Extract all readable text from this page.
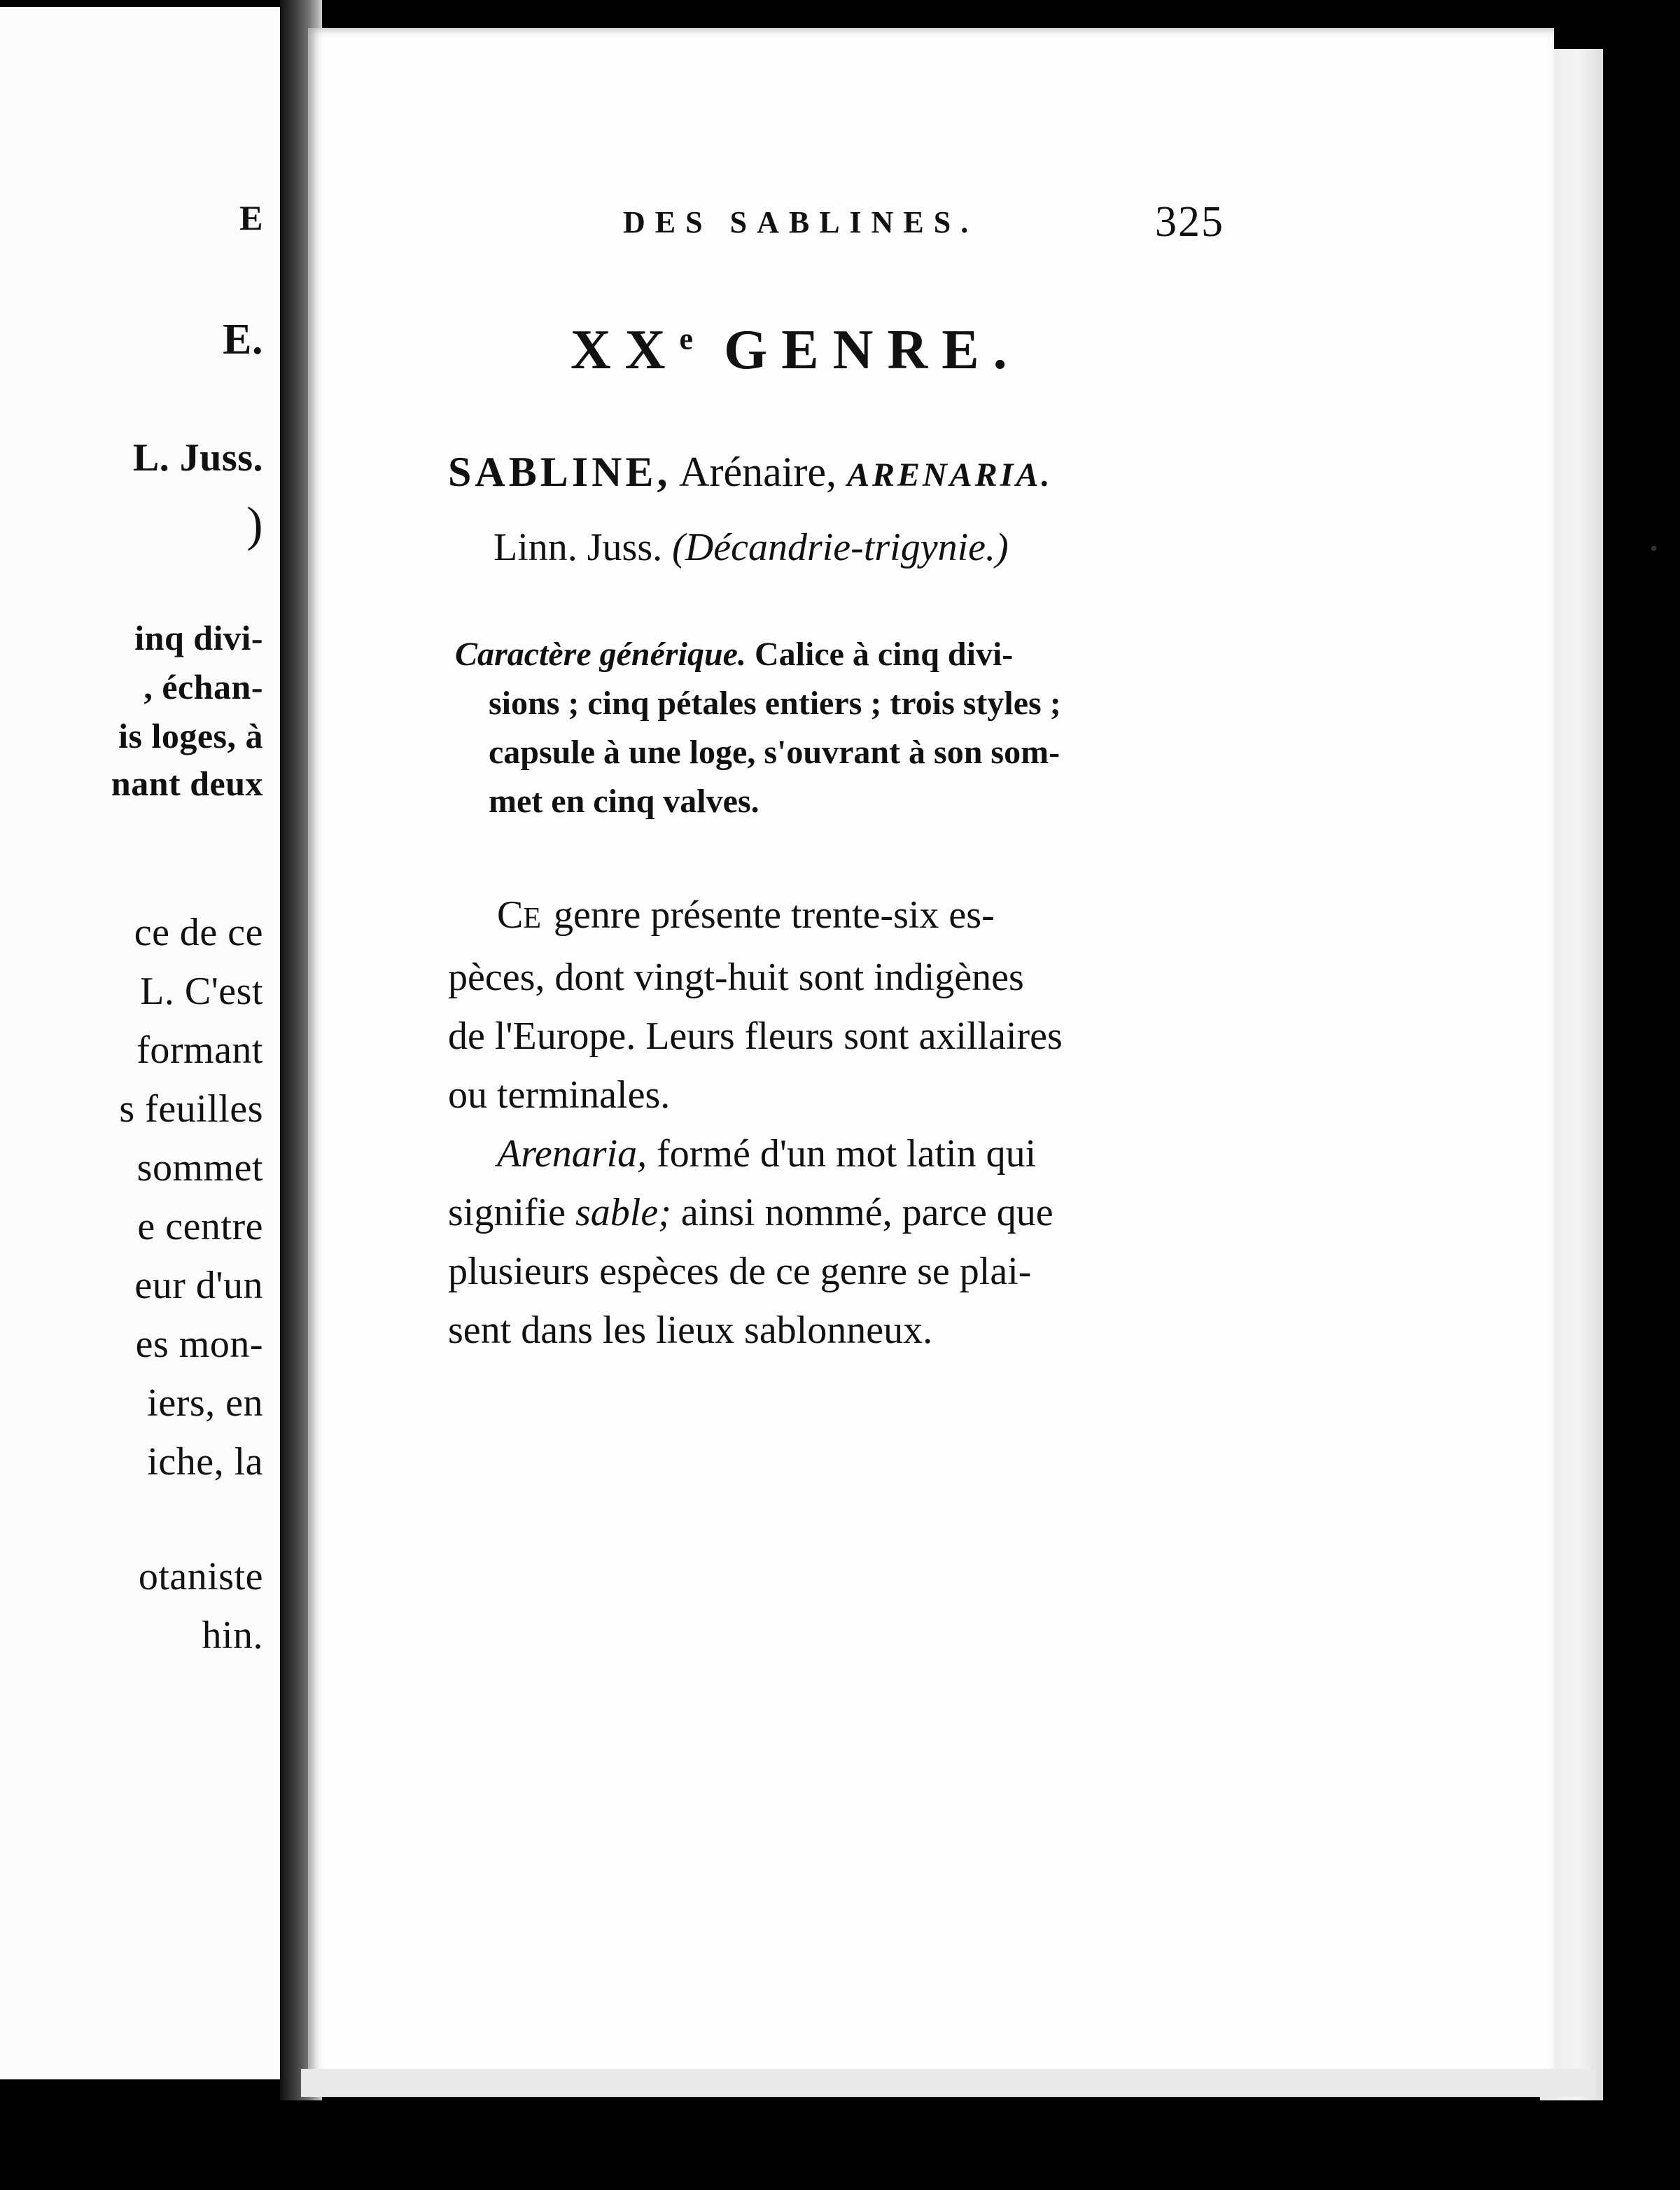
E
E.
L. Juss.
)
inq divi-
, échan-
is loges, à
nant deux
ce de ce
L. C'est
formant
s feuilles
sommet
e centre
eur d'un
es mon-
iers, en
iche, la
otaniste
hin.
DES SABLINES.	325
XXe GENRE.
SABLINE, Arénaire, ARENARIA.
Linn. Juss. (Décandrie-trigynie.)
Caractère générique. Calice à cinq divi-
sions ; cinq pétales entiers ; trois styles ;
capsule à une loge, s'ouvrant à son som-
met en cinq valves.
CE genre présente trente-six es-
pèces, dont vingt-huit sont indigènes
de l'Europe. Leurs fleurs sont axillaires
ou terminales.
Arenaria, formé d'un mot latin qui
signifie sable; ainsi nommé, parce que
plusieurs espèces de ce genre se plai-
sent dans les lieux sablonneux.
•
